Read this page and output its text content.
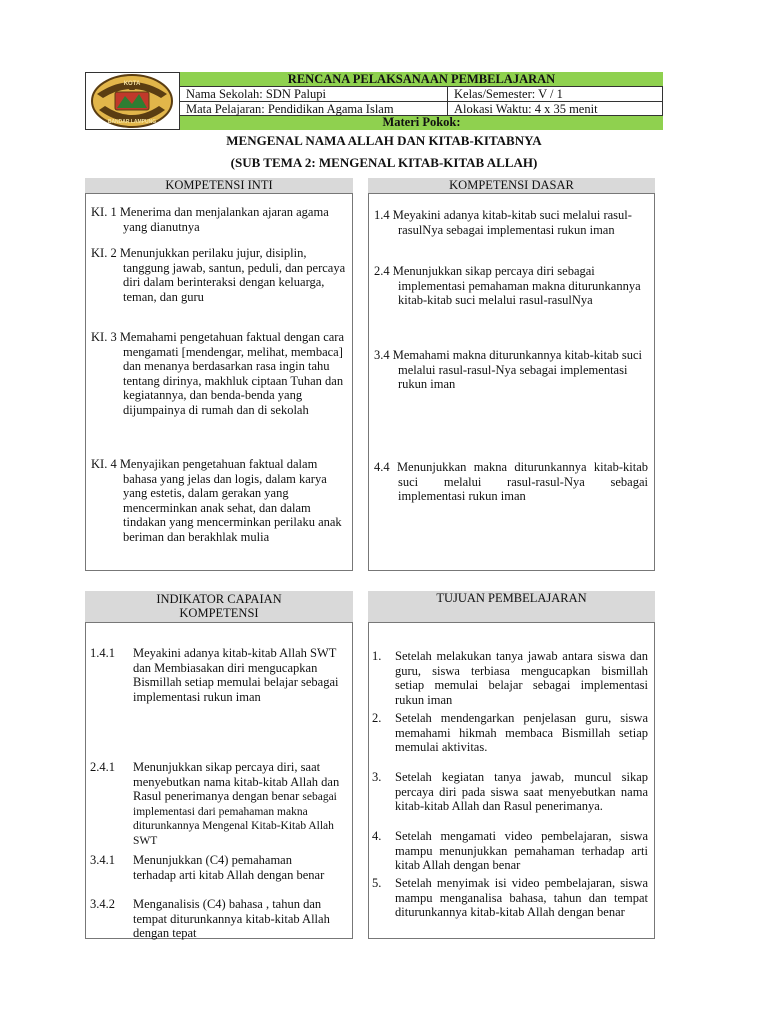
KOTA
BANDAR LAMPUNG
RENCANA PELAKSANAAN PEMBELAJARAN
Nama Sekolah: SDN Palupi	Kelas/Semester: V / 1
Mata Pelajaran: Pendidikan Agama Islam	Alokasi Waktu: 4 x 35 menit
Materi Pokok:
MENGENAL NAMA ALLAH DAN KITAB-KITABNYA
(SUB TEMA 2: MENGENAL KITAB-KITAB ALLAH)
KOMPETENSI INTI
KI. 1 Menerima dan menjalankan ajaran agama yang dianutnya
KI. 2 Menunjukkan perilaku jujur, disiplin, tanggung jawab, santun, peduli, dan percaya diri dalam berinteraksi dengan keluarga, teman, dan guru
KI. 3 Memahami pengetahuan faktual dengan cara mengamati [mendengar, melihat, membaca] dan menanya berdasarkan rasa ingin tahu tentang dirinya, makhluk ciptaan Tuhan dan kegiatannya, dan benda-benda yang dijumpainya di rumah dan di sekolah
KI. 4 Menyajikan pengetahuan faktual dalam bahasa yang jelas dan logis, dalam karya yang estetis, dalam gerakan yang mencerminkan anak sehat, dan dalam tindakan yang mencerminkan perilaku anak beriman dan berakhlak mulia
KOMPETENSI DASAR
1.4 Meyakini adanya kitab-kitab suci melalui rasul-rasulNya sebagai implementasi rukun iman
2.4 Menunjukkan sikap percaya diri sebagai implementasi pemahaman makna diturunkannya kitab-kitab suci melalui rasul-rasulNya
3.4 Memahami makna diturunkannya kitab-kitab suci melalui rasul-rasul-Nya sebagai implementasi rukun iman
4.4 Menunjukkan makna diturunkannya kitab-kitab suci melalui rasul-rasul-Nya sebagai implementasi rukun iman
INDIKATOR CAPAIAN KOMPETENSI
1.4.1 Meyakini adanya kitab-kitab Allah SWT dan Membiasakan diri mengucapkan Bismillah setiap memulai belajar sebagai implementasi rukun iman
2.4.1 Menunjukkan sikap percaya diri, saat menyebutkan nama kitab-kitab Allah dan Rasul penerimanya dengan benar sebagai implementasi dari pemahaman makna diturunkannya Mengenal Kitab-Kitab Allah SWT
3.4.1 Menunjukkan (C4) pemahaman terhadap arti kitab Allah dengan benar
3.4.2 Menganalisis (C4) bahasa , tahun dan tempat diturunkannya kitab-kitab Allah dengan tepat
TUJUAN PEMBELAJARAN
1. Setelah melakukan tanya jawab antara siswa dan guru, siswa terbiasa mengucapkan bismillah setiap memulai belajar sebagai implementasi rukun iman
2. Setelah mendengarkan penjelasan guru, siswa memahami hikmah membaca Bismillah setiap memulai aktivitas.
3. Setelah kegiatan tanya jawab, muncul sikap percaya diri pada siswa saat menyebutkan nama kitab-kitab Allah dan Rasul penerimanya.
4. Setelah mengamati video pembelajaran, siswa mampu menunjukkan pemahaman terhadap arti kitab Allah dengan benar
5. Setelah menyimak isi video pembelajaran, siswa mampu menganalisa bahasa, tahun dan tempat diturunkannya kitab-kitab Allah dengan benar
